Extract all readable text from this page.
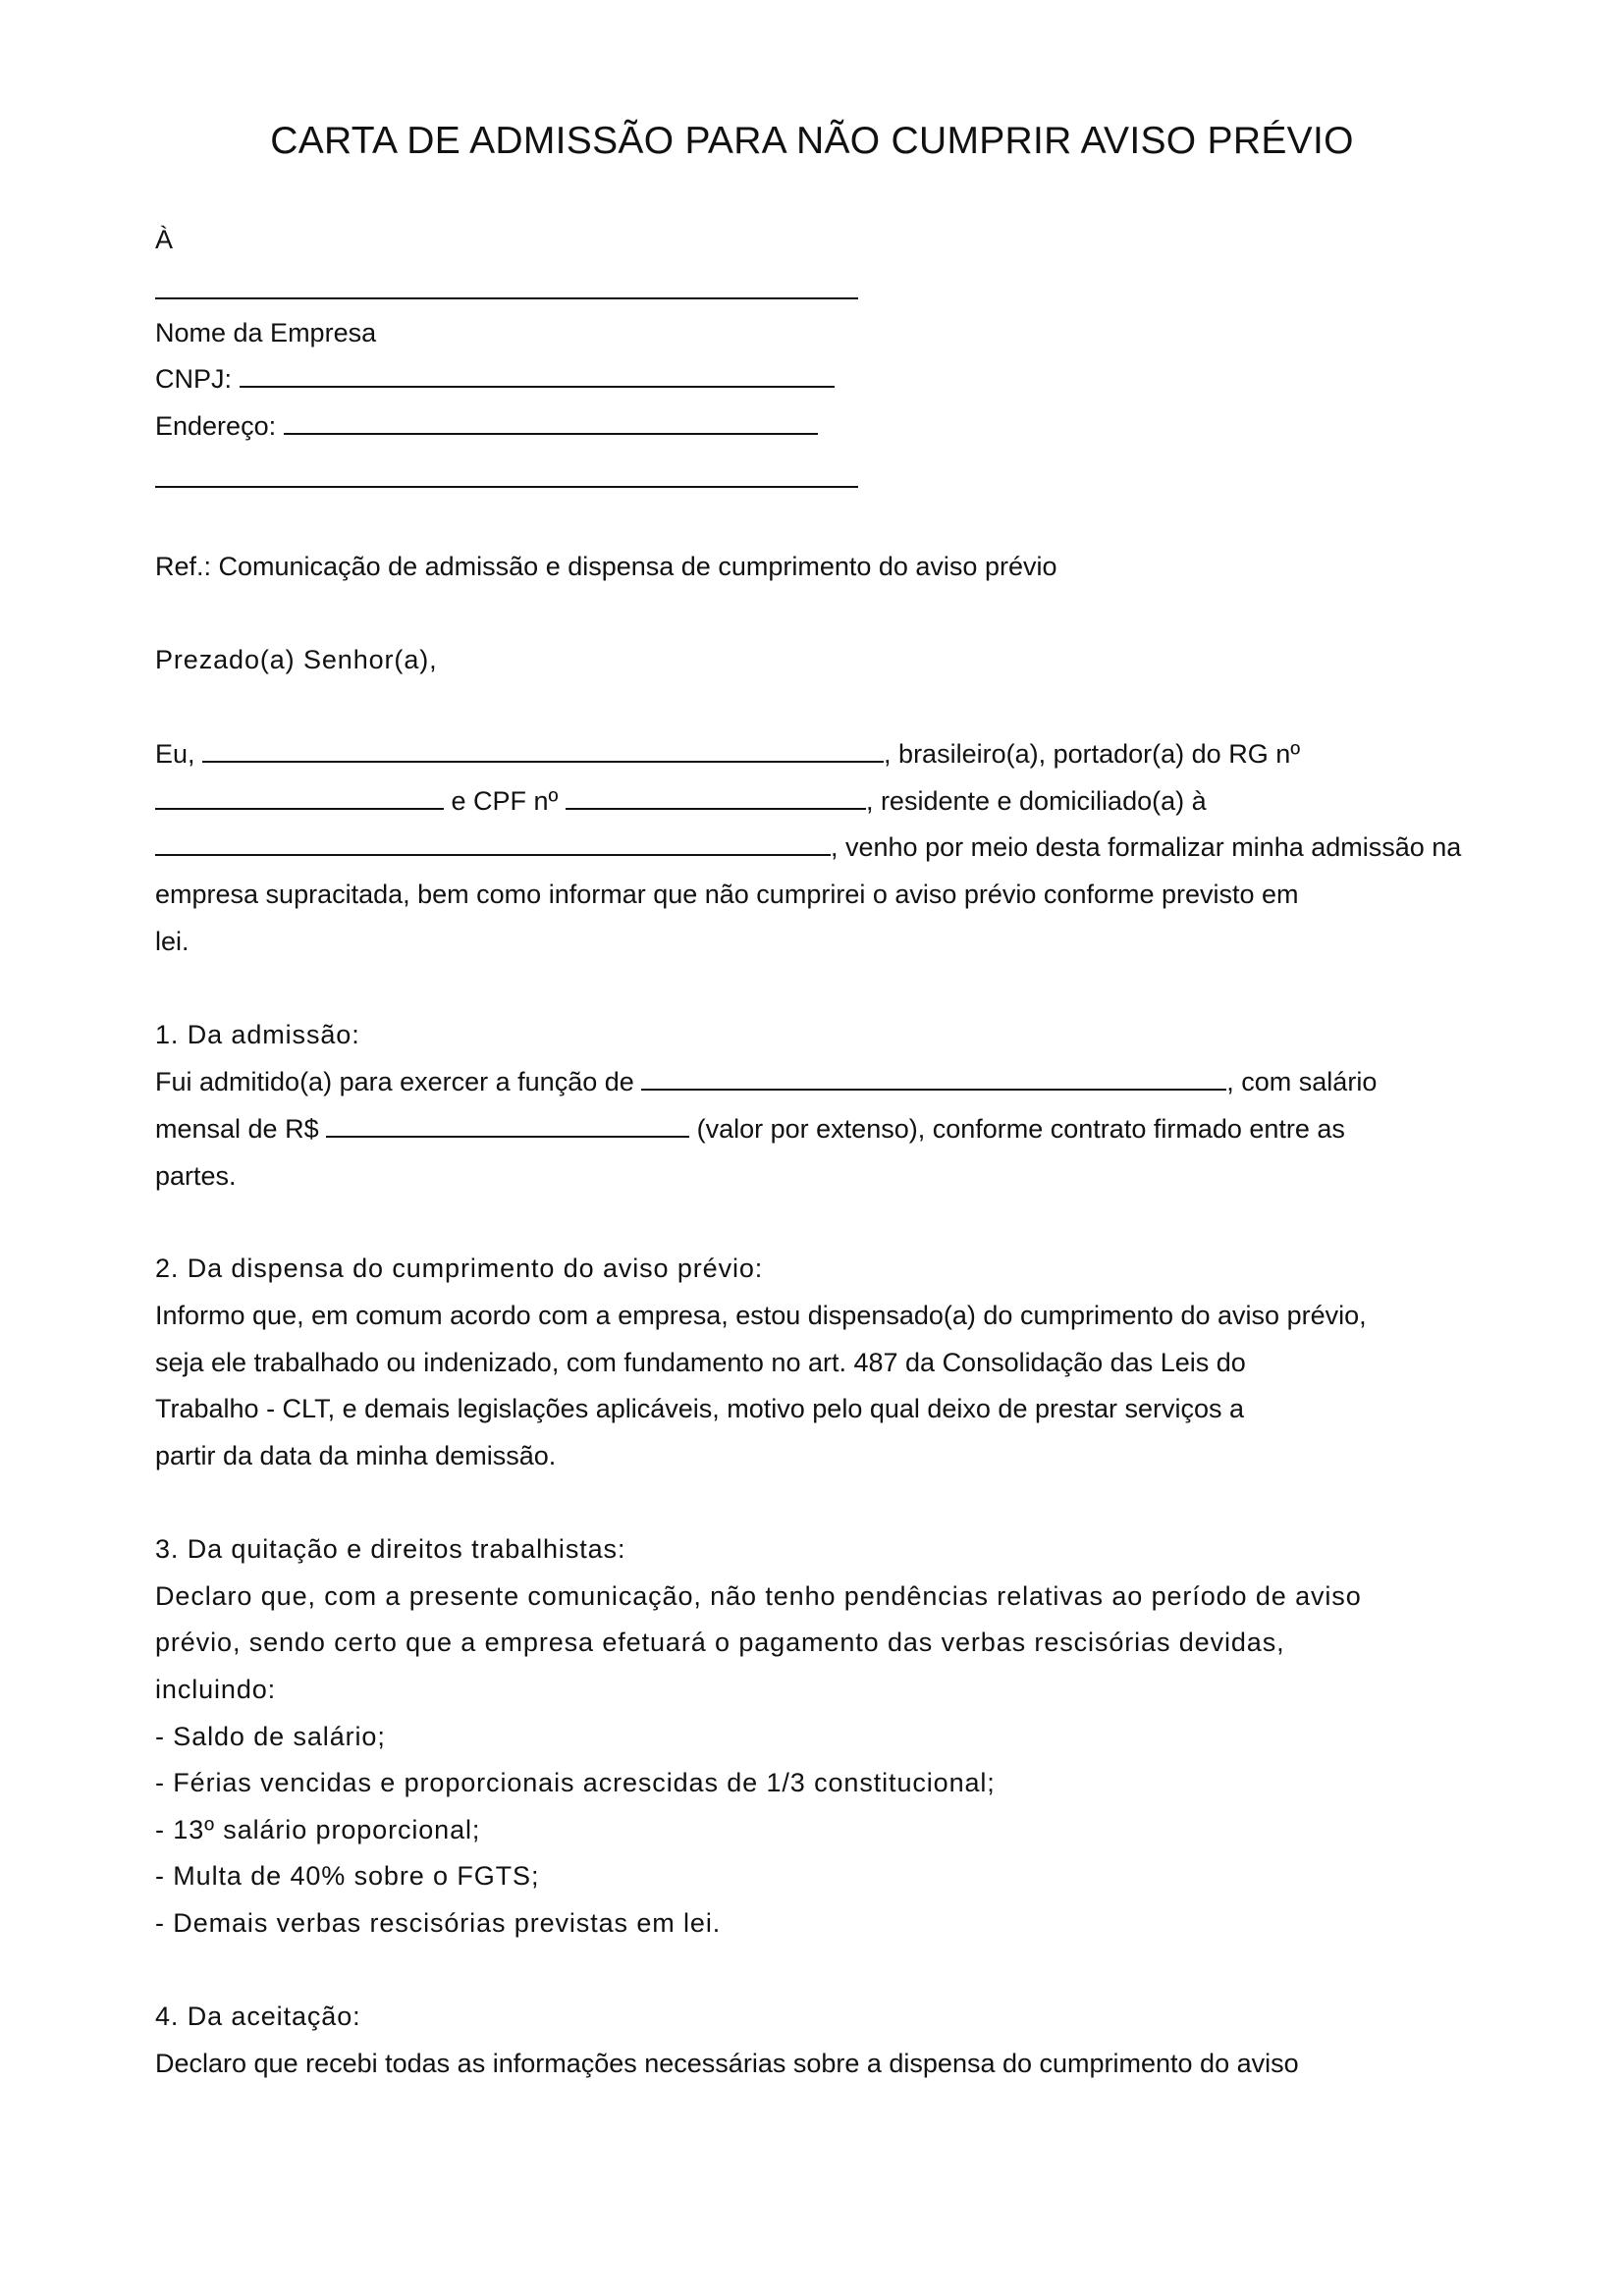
CARTA DE ADMISSÃO PARA NÃO CUMPRIR AVISO PRÉVIO
À
Nome da Empresa
CNPJ:
Endereço:
Ref.: Comunicação de admissão e dispensa de cumprimento do aviso prévio
Prezado(a) Senhor(a),
Eu,	, brasileiro(a), portador(a) do RG nº
e CPF nº	, residente e domiciliado(a) à
, venho por meio desta formalizar minha admissão na
empresa supracitada, bem como informar que não cumprirei o aviso prévio conforme previsto em
lei.
1. Da admissão:
Fui admitido(a) para exercer a função de	, com salário
mensal de R$	(valor por extenso), conforme contrato firmado entre as
partes.
2. Da dispensa do cumprimento do aviso prévio:
Informo que, em comum acordo com a empresa, estou dispensado(a) do cumprimento do aviso prévio,
seja ele trabalhado ou indenizado, com fundamento no art. 487 da Consolidação das Leis do
Trabalho - CLT, e demais legislações aplicáveis, motivo pelo qual deixo de prestar serviços a
partir da data da minha demissão.
3. Da quitação e direitos trabalhistas:
Declaro que, com a presente comunicação, não tenho pendências relativas ao período de aviso
prévio, sendo certo que a empresa efetuará o pagamento das verbas rescisórias devidas,
incluindo:
- Saldo de salário;
- Férias vencidas e proporcionais acrescidas de 1/3 constitucional;
- 13º salário proporcional;
- Multa de 40% sobre o FGTS;
- Demais verbas rescisórias previstas em lei.
4. Da aceitação:
Declaro que recebi todas as informações necessárias sobre a dispensa do cumprimento do aviso
